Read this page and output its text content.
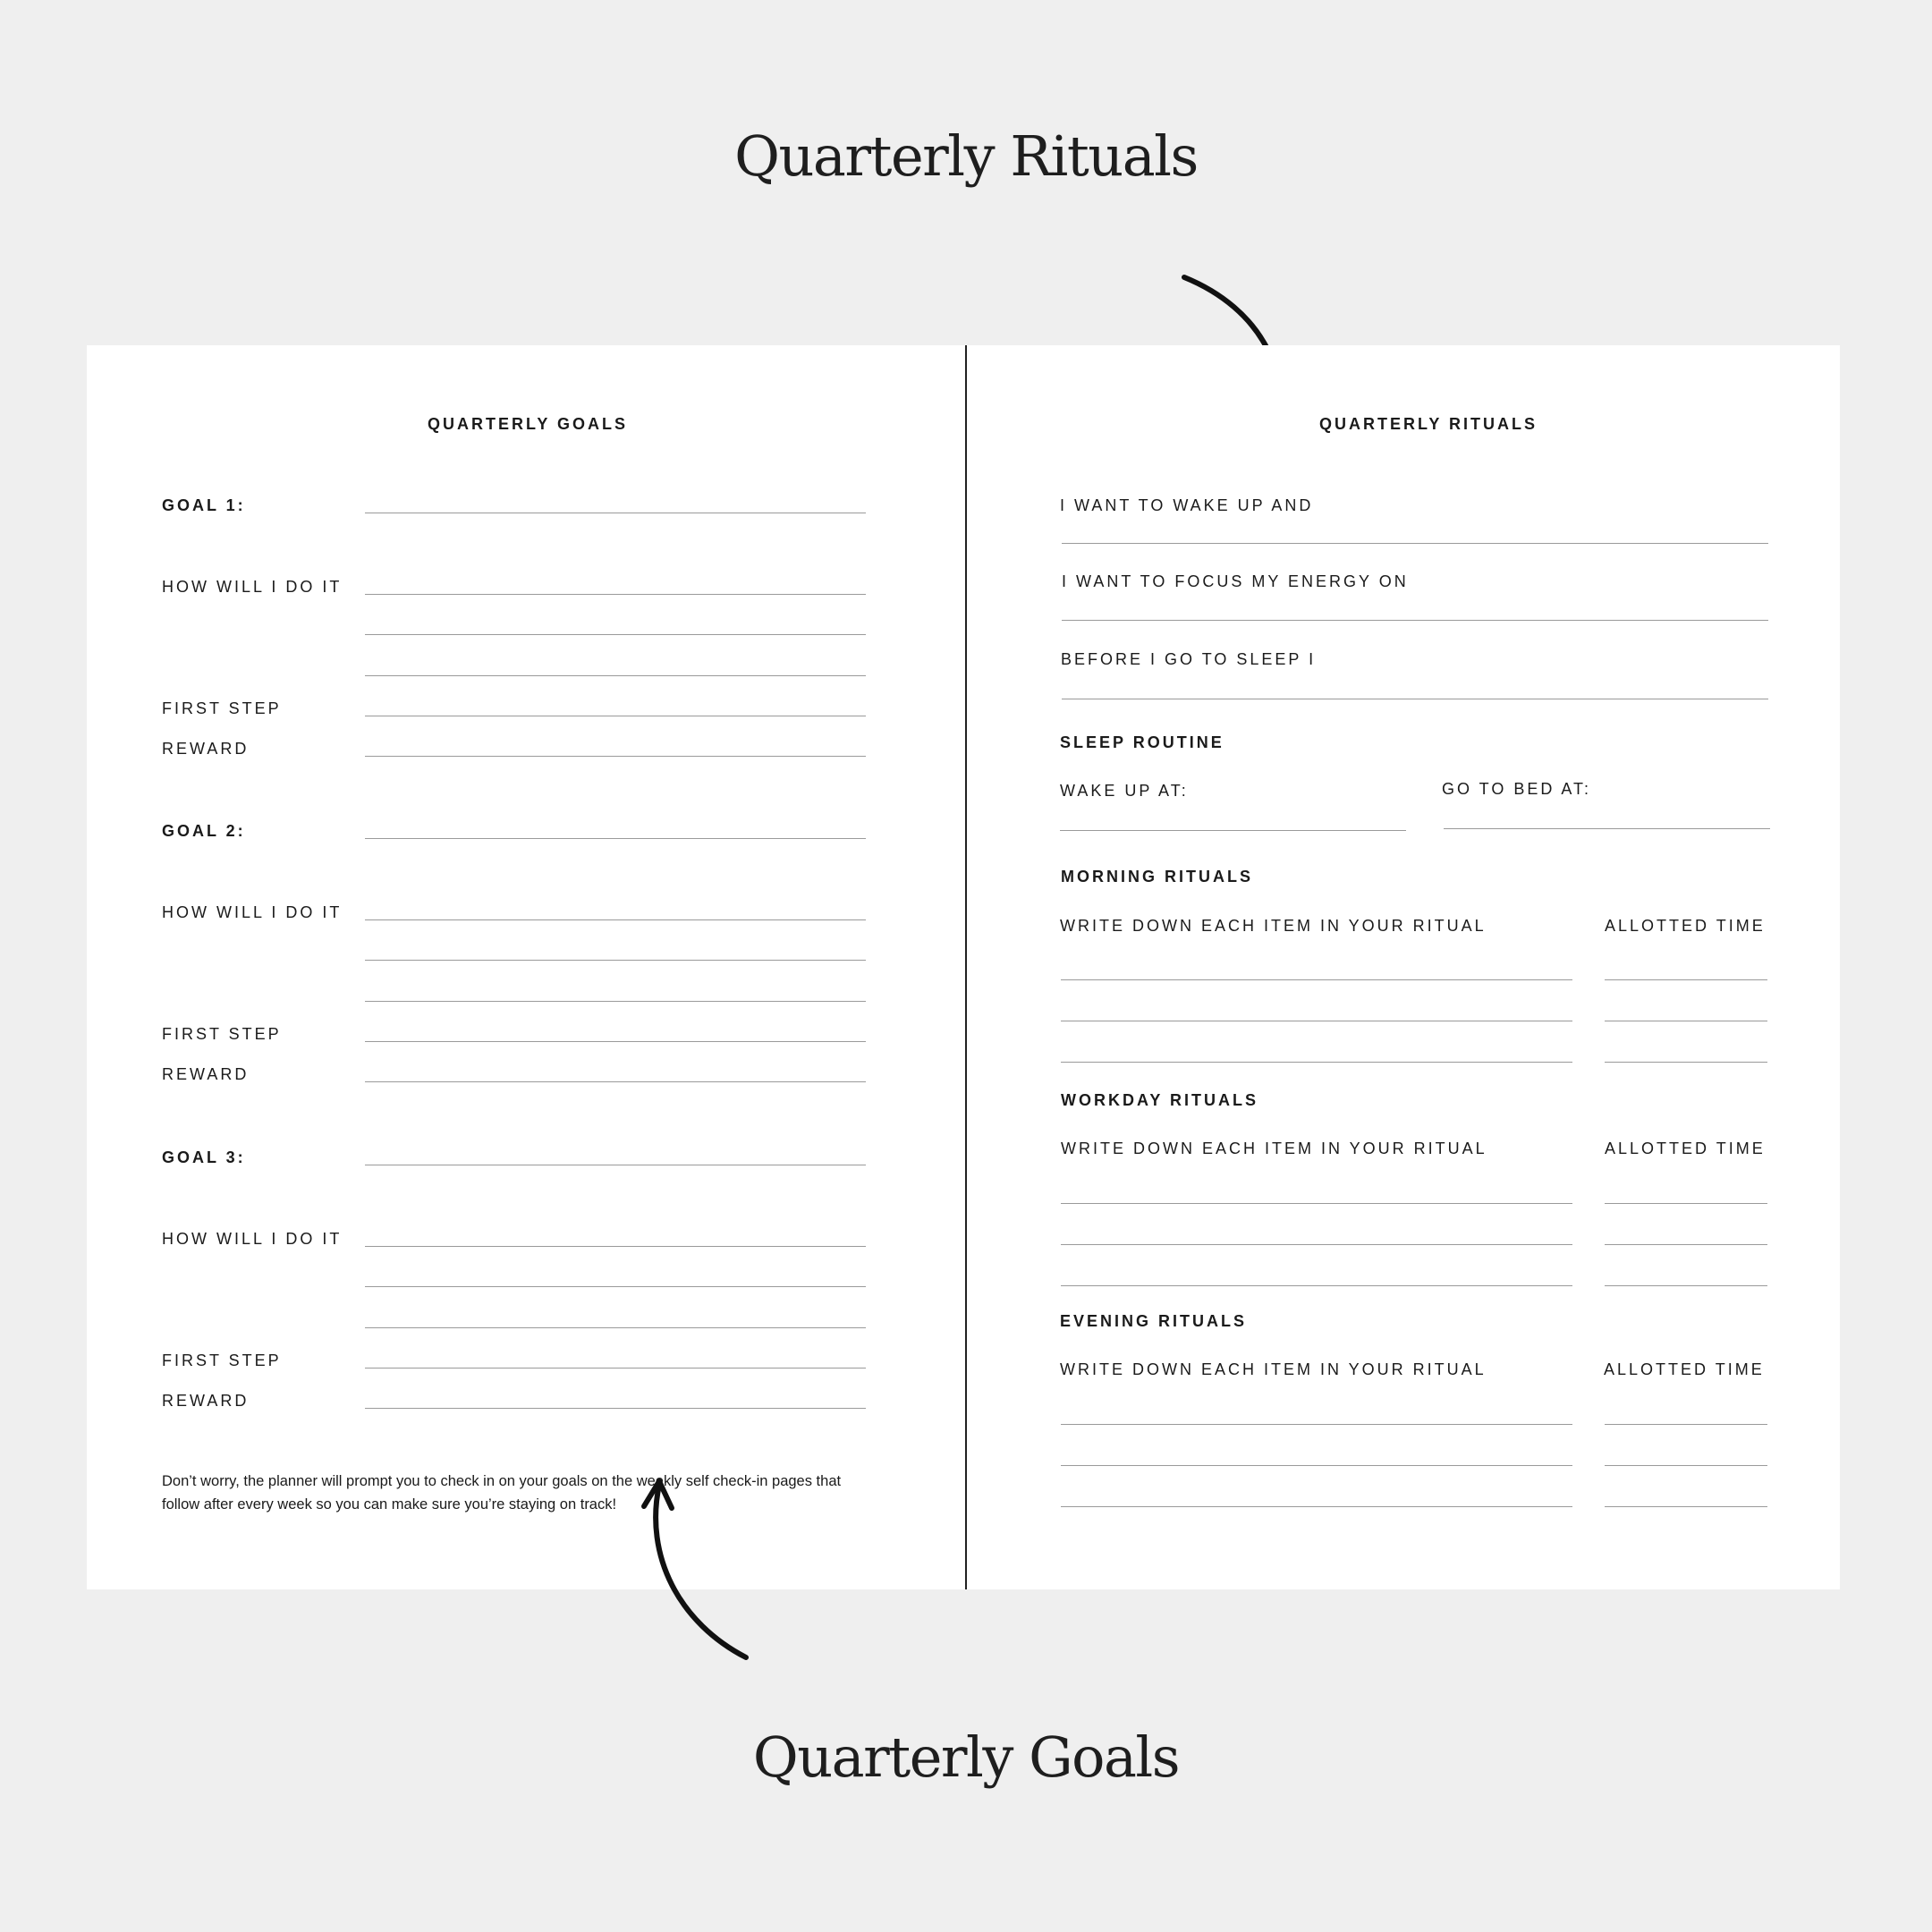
Quarterly Rituals
Quarterly Goals
QUARTERLY GOALS
GOAL 1:
HOW WILL I DO IT
FIRST STEP
REWARD
GOAL 2:
HOW WILL I DO IT
FIRST STEP
REWARD
GOAL 3:
HOW WILL I DO IT
FIRST STEP
REWARD
Don’t worry, the planner will prompt you to check in on your goals on the weekly self check-in pages that follow after every week so you can make sure you’re staying on track!
QUARTERLY RITUALS
I WANT TO WAKE UP AND
I WANT TO FOCUS MY ENERGY ON
BEFORE I GO TO SLEEP I
SLEEP ROUTINE
WAKE UP AT:	GO TO BED AT:
MORNING RITUALS
WRITE DOWN EACH ITEM IN YOUR RITUAL	ALLOTTED TIME
WORKDAY RITUALS
WRITE DOWN EACH ITEM IN YOUR RITUAL	ALLOTTED TIME
EVENING RITUALS
WRITE DOWN EACH ITEM IN YOUR RITUAL	ALLOTTED TIME
